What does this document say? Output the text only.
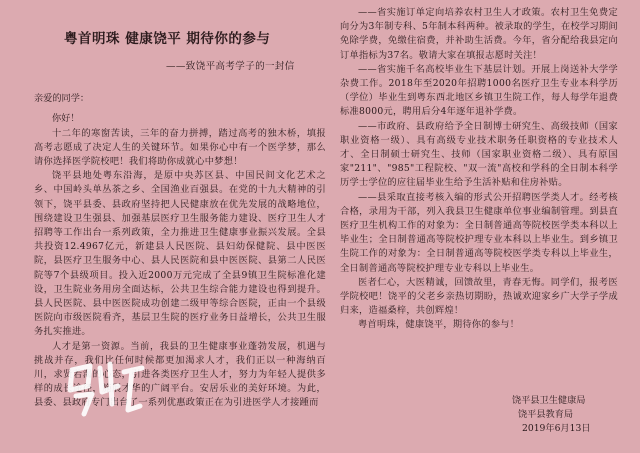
粤首明珠 健康饶平 期待你的参与
——致饶平高考学子的一封信
亲爱的同学：
你好！

十二年的寒窗苦读，三年的奋力拼搏，踏过高考的独木桥，填报高考志愿成了决定人生的关键环节。如果你心中有一个医学梦，那么请你选择医学院校吧！我们将助你成就心中梦想！

饶平县地处粤东沿海，是原中央苏区县、中国民间文化艺术之乡、中国岭头单丛茶之乡、全国渔业百强县。在党的十九大精神的引领下，饶平县委、县政府坚持把人民健康放在优先发展的战略地位，围绕建设卫生强县、加强基层医疗卫生服务能力建设、医疗卫生人才招聘等工作出台一系列政策，全力推进卫生健康事业振兴发展。全县共投资12.4967亿元，新建县人民医院、县妇幼保健院、县中医医院，县医疗卫生服务中心、县人民医院和县中医医院、县第二人民医院等7个县级项目。投入近2000万元完成了全县9镇卫生院标准化建设，卫生院业务用房全面达标，公共卫生综合能力建设也得到提升。县人民医院、县中医医院成功创建二级甲等综合医院，正由一个县级医院向市级医院看齐，基层卫生院的医疗业务日益增长，公共卫生服务扎实推进。

人才是第一资源。当前，我县的卫生健康事业蓬勃发展，机遇与挑战并存，我们比任何时候都更加渴求人才，我们正以一种海纳百川，求贤若渴的心态，引进各类医疗卫生人才，努力为年轻人提供多样的成长途径，施展才华的广阔平台。安居乐业的美好环境。为此，县委、县政府专门出台了一系列优惠政策正在为引进医学人才接踵而

——省实施订单定向培养农村卫生人才政策。农村卫生免费定向分为3年制专科、5年制本科两种。被录取的学生，在校学习期间免除学费，免缴住宿费，并补助生活费。今年，省分配给我县定向订单指标为37名。敬请大家在填报志愿时关注！

——省实施千名高校毕业生下基层计划。开展上岗送补大学学杂费工作。2018年至2020年招聘1000名医疗卫生专业本科学历（学位）毕业生到粤东西北地区乡镇卫生院工作，每人每学年退费标准8000元，聘用后分4年逐年退补学费。

——市政府、县政府给予全日制博士研究生、高级技师（国家职业资格一级）、具有高级专业技术职务任职资格的专业技术人才、全日制硕士研究生、技师（国家职业资格二级）、具有原国家"211"、"985"工程院校、"双一流"高校和学科的全日制本科学历学士学位的应往届毕业生给予生活补贴和住房补贴。

——县采取直接考核入编的形式公开招聘医学类人才。经考核合格，录用为干部，列入我县卫生健康单位事业编制管理。到县直医疗卫生机构工作的对象为：全日制普通高等院校医学类本科以上毕业生；全日制普通高等院校护理专业本科以上毕业生。到乡镇卫生院工作的对象为：全日制普通高等院校医学类专科以上毕业生，全日制普通高等院校护理专业专科以上毕业生。

医者仁心，大医精诚，回馈故里，青春无悔。同学们，报考医学院校吧！饶平的父老乡亲热切期盼，热诚欢迎家乡广大学子学成归来，造福桑梓，共创辉煌！

粤首明珠，健康饶平，期待你的参与！

饶平县卫生健康局
饶平县教育局
2019年6月13日
